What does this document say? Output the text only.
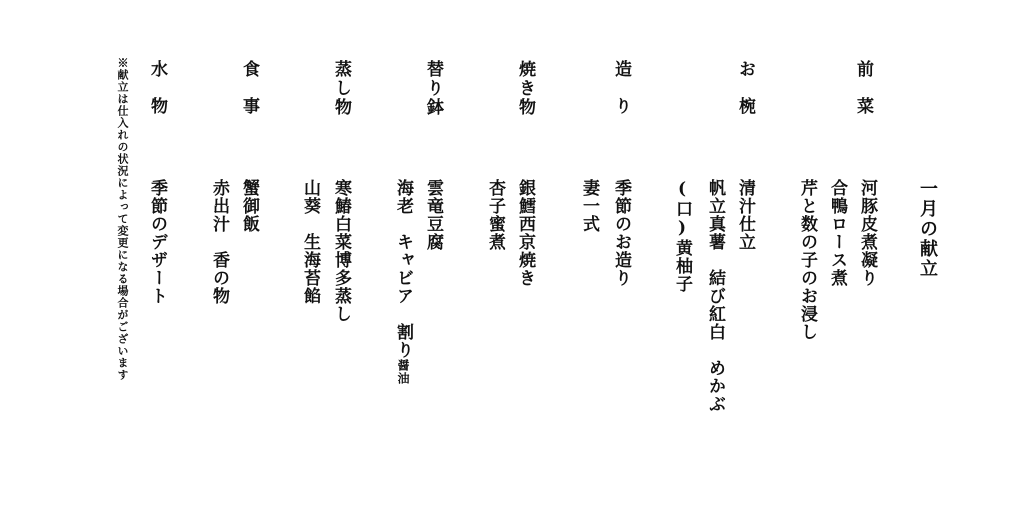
一月の献立
前菜
河豚皮煮凝り
合鴨ロース煮
芹と数の子のお浸し
お椀
清汁仕立
帆立真薯　結び紅白　めかぶ
(口)黄柚子
造り
季節のお造り
妻一式
焼き物
銀鱈西京焼き
杏子蜜煮
替り鉢
雲竜豆腐
海老　キャビア　割り醤油
蒸し物
寒鰆白菜博多蒸し
山葵　生海苔餡
食事
蟹御飯
赤出汁　香の物
水物
季節のデザート
※献立は仕入れの状況によって変更になる場合がございます
